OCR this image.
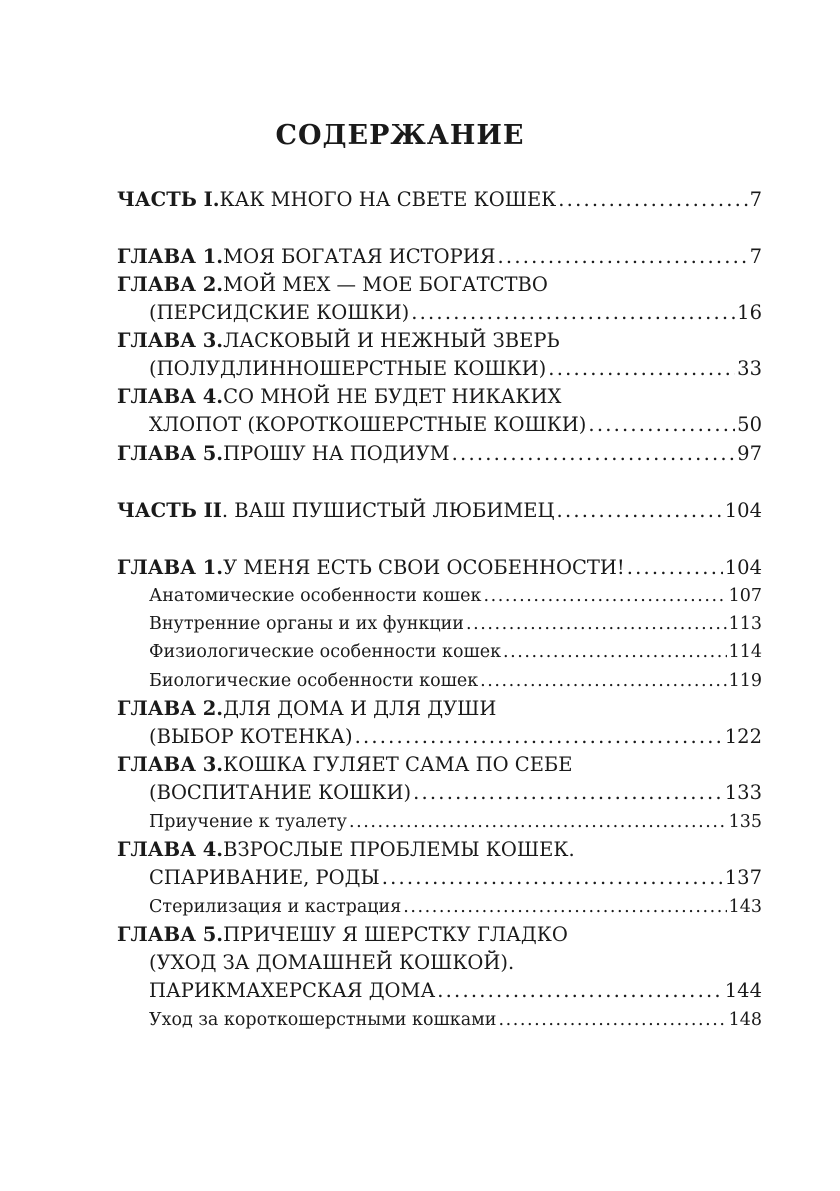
СОДЕРЖАНИЕ
ЧАСТЬ I. КАК МНОГО НА СВЕТЕ КОШЕК . . .	7
ГЛАВА 1. МОЯ БОГАТАЯ ИСТОРИЯ . . .	7
ГЛАВА 2. МОЙ МЕХ — МОЕ БОГАТСТВО
(ПЕРСИДСКИЕ КОШКИ) . . .	16
ГЛАВА 3. ЛАСКОВЫЙ И НЕЖНЫЙ ЗВЕРЬ
(ПОЛУДЛИННОШЕРСТНЫЕ КОШКИ) . . .	33
ГЛАВА 4. СО МНОЙ НЕ БУДЕТ НИКАКИХ
ХЛОПОТ (КОРОТКОШЕРСТНЫЕ КОШКИ) . . .	50
ГЛАВА 5. ПРОШУ НА ПОДИУМ . . .	97
ЧАСТЬ II . ВАШ ПУШИСТЫЙ ЛЮБИМЕЦ . . .	104
ГЛАВА 1. У МЕНЯ ЕСТЬ СВОИ ОСОБЕННОСТИ! . . .	104
Анатомические особенности кошек . . .	107
Внутренние органы и их функции . . .	113
Физиологические особенности кошек . . .	114
Биологические особенности кошек . . .	119
ГЛАВА 2. ДЛЯ ДОМА И ДЛЯ ДУШИ
(ВЫБОР КОТЕНКА) . . .	122
ГЛАВА 3. КОШКА ГУЛЯЕТ САМА ПО СЕБЕ
(ВОСПИТАНИЕ КОШКИ) . . .	133
Приучение к туалету . . .	135
ГЛАВА 4. ВЗРОСЛЫЕ ПРОБЛЕМЫ КОШЕК.
СПАРИВАНИЕ, РОДЫ . . .	137
Стерилизация и кастрация . . .	143
ГЛАВА 5. ПРИЧЕШУ Я ШЕРСТКУ ГЛАДКО
(УХОД ЗА ДОМАШНЕЙ КОШКОЙ).
ПАРИКМАХЕРСКАЯ ДОМА . . .	144
Уход за короткошерстными кошками . . .	148
